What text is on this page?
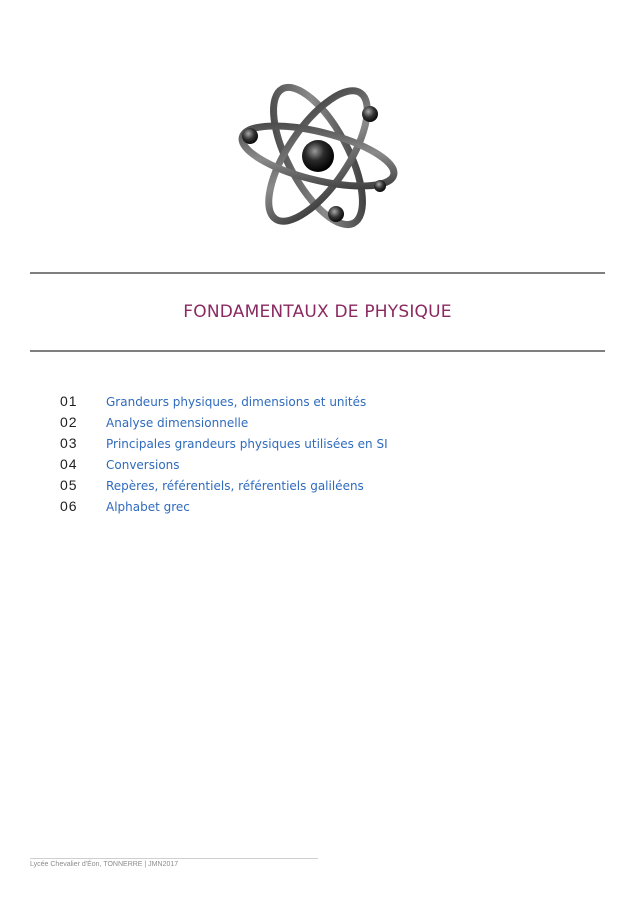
FONDAMENTAUX DE PHYSIQUE
01	Grandeurs physiques, dimensions et unités
02	Analyse dimensionnelle
03	Principales grandeurs physiques utilisées en SI
04	Conversions
05	Repères, référentiels, référentiels galiléens
06	Alphabet grec
Lycée Chevalier d'Éon, TONNERRE | JMN2017
